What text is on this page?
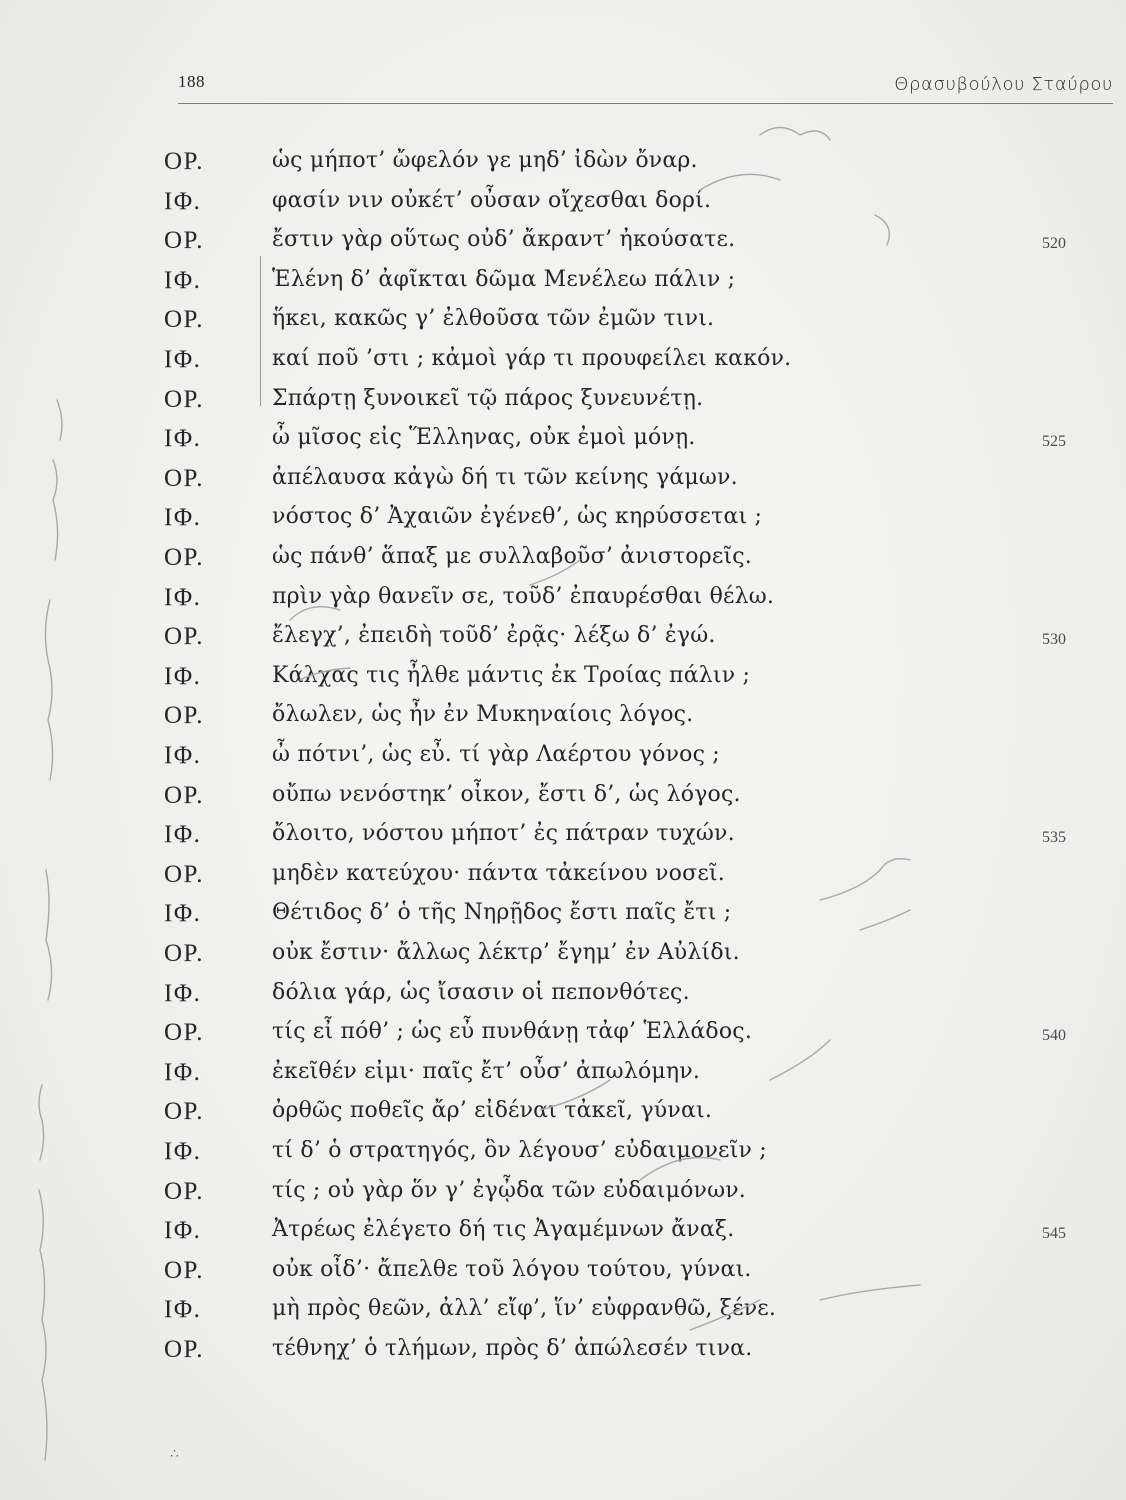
188	Θρασυβούλου Σταύρου
ΟΡ.	ὡς μήποτ’ ὤφελόν γε μηδ’ ἰδὼν ὄναρ.
ΙΦ.	φασίν νιν οὐκέτ’ οὖσαν οἴχεσθαι δορί.
ΟΡ.	ἔστιν γὰρ οὕτως οὐδ’ ἄκραντ’ ἠκούσατε.	520
ΙΦ.	Ἑλένη δ’ ἀφῖκται δῶμα Μενέλεω πάλιν ;
ΟΡ.	ἥκει, κακῶς γ’ ἐλθοῦσα τῶν ἐμῶν τινι.
ΙΦ.	καί ποῦ ’στι ; κἀμοὶ γάρ τι προυφείλει κακόν.
ΟΡ.	Σπάρτῃ ξυνοικεῖ τῷ πάρος ξυνευνέτῃ.
ΙΦ.	ὦ μῖσος εἰς Ἕλληνας, οὐκ ἐμοὶ μόνῃ.	525
ΟΡ.	ἀπέλαυσα κἀγὼ δή τι τῶν κείνης γάμων.
ΙΦ.	νόστος δ’ Ἀχαιῶν ἐγένεθ’, ὡς κηρύσσεται ;
ΟΡ.	ὡς πάνθ’ ἅπαξ με συλλαβοῦσ’ ἀνιστορεῖς.
ΙΦ.	πρὶν γὰρ θανεῖν σε, τοῦδ’ ἐπαυρέσθαι θέλω.
ΟΡ.	ἔλεγχ’, ἐπειδὴ τοῦδ’ ἐρᾷς· λέξω δ’ ἐγώ.	530
ΙΦ.	Κάλχας τις ἦλθε μάντις ἐκ Τροίας πάλιν ;
ΟΡ.	ὄλωλεν, ὡς ἦν ἐν Μυκηναίοις λόγος.
ΙΦ.	ὦ πότνι’, ὡς εὖ. τί γὰρ Λαέρτου γόνος ;
ΟΡ.	οὔπω νενόστηκ’ οἶκον, ἔστι δ’, ὡς λόγος.
ΙΦ.	ὄλοιτο, νόστου μήποτ’ ἐς πάτραν τυχών.	535
ΟΡ.	μηδὲν κατεύχου· πάντα τἀκείνου νοσεῖ.
ΙΦ.	Θέτιδος δ’ ὁ τῆς Νηρῇδος ἔστι παῖς ἔτι ;
ΟΡ.	οὐκ ἔστιν· ἄλλως λέκτρ’ ἔγημ’ ἐν Αὐλίδι.
ΙΦ.	δόλια γάρ, ὡς ἴσασιν οἱ πεπονθότες.
ΟΡ.	τίς εἶ πόθ’ ; ὡς εὖ πυνθάνῃ τἀφ’ Ἑλλάδος.	540
ΙΦ.	ἐκεῖθέν εἰμι· παῖς ἔτ’ οὖσ’ ἀπωλόμην.
ΟΡ.	ὀρθῶς ποθεῖς ἄρ’ εἰδέναι τἀκεῖ, γύναι.
ΙΦ.	τί δ’ ὁ στρατηγός, ὃν λέγουσ’ εὐδαιμονεῖν ;
ΟΡ.	τίς ; οὐ γὰρ ὅν γ’ ἐγᾦδα τῶν εὐδαιμόνων.
ΙΦ.	Ἀτρέως ἐλέγετο δή τις Ἀγαμέμνων ἄναξ.	545
ΟΡ.	οὐκ οἶδ’· ἄπελθε τοῦ λόγου τούτου, γύναι.
ΙΦ.	μὴ πρὸς θεῶν, ἀλλ’ εἴφ’, ἵν’ εὐφρανθῶ, ξένε.
ΟΡ.	τέθνηχ’ ὁ τλήμων, πρὸς δ’ ἀπώλεσέν τινα.
∴
